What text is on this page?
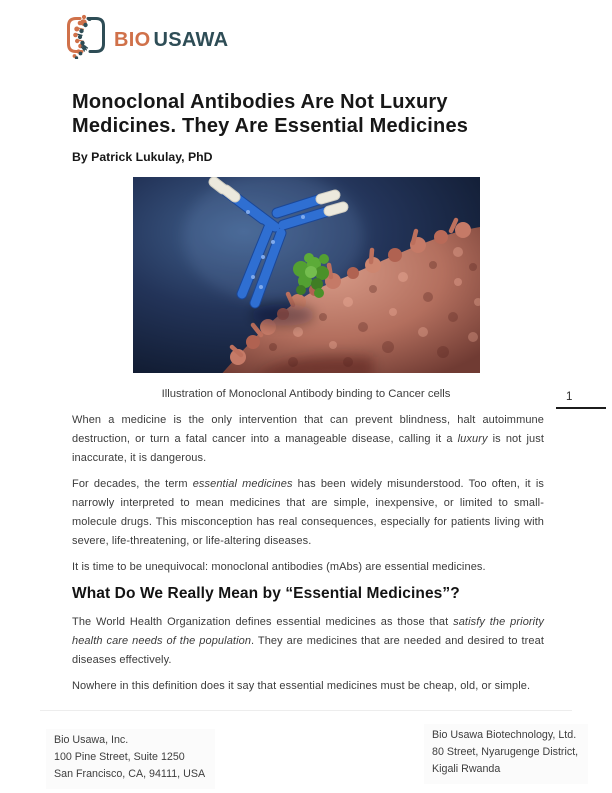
BIO USAWA
Monoclonal Antibodies Are Not Luxury Medicines. They Are Essential Medicines
By Patrick Lukulay, PhD
Illustration of Monoclonal Antibody binding to Cancer cells	1

When a medicine is the only intervention that can prevent blindness, halt autoimmune destruction, or turn a fatal cancer into a manageable disease, calling it a luxury is not just inaccurate, it is dangerous.

For decades, the term essential medicines has been widely misunderstood. Too often, it is narrowly interpreted to mean medicines that are simple, inexpensive, or limited to small-molecule drugs. This misconception has real consequences, especially for patients living with severe, life-threatening, or life-altering diseases.

It is time to be unequivocal: monoclonal antibodies (mAbs) are essential medicines.

What Do We Really Mean by “Essential Medicines”?

The World Health Organization defines essential medicines as those that satisfy the priority health care needs of the population. They are medicines that are needed and desired to treat diseases effectively.

Nowhere in this definition does it say that essential medicines must be cheap, old, or simple.

Bio Usawa, Inc.
100 Pine Street, Suite 1250
San Francisco, CA, 94111, USA
Bio Usawa Biotechnology, Ltd.
80 Street, Nyarugenge District,
Kigali Rwanda
